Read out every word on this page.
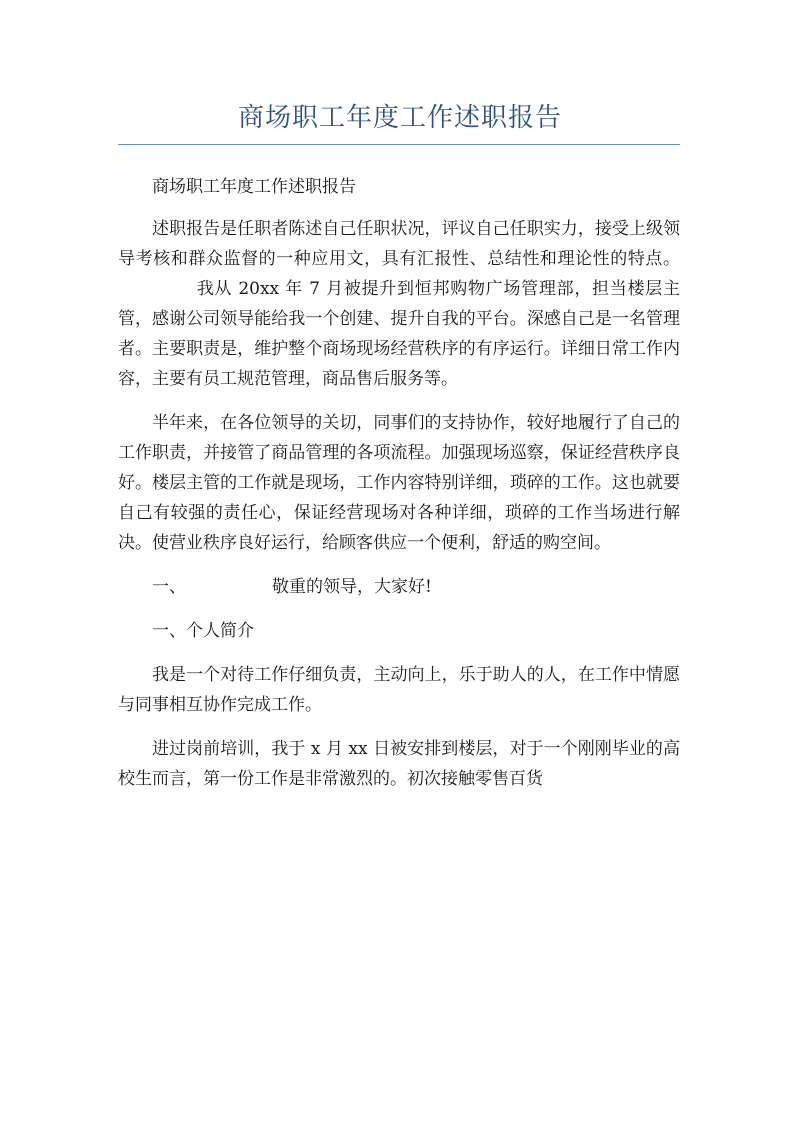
商场职工年度工作述职报告

商场职工年度工作述职报告

述职报告是任职者陈述自己任职状况，评议自己任职实力，接受上级领导考核和群众监督的一种应用文，具有汇报性、总结性和理论性的特点。我从 20xx 年 7 月被提升到恒邦购物广场管理部，担当楼层主管，感谢公司领导能给我一个创建、提升自我的平台。深感自己是一名管理者。主要职责是，维护整个商场现场经营秩序的有序运行。详细日常工作内容，主要有员工规范管理，商品售后服务等。

半年来，在各位领导的关切，同事们的支持协作，较好地履行了自己的工作职责，并接管了商品管理的各项流程。加强现场巡察，保证经营秩序良好。楼层主管的工作就是现场，工作内容特别详细，琐碎的工作。这也就要自己有较强的责任心，保证经营现场对各种详细，琐碎的工作当场进行解决。使营业秩序良好运行，给顾客供应一个便利，舒适的购空间。

一、	敬重的领导，大家好!

一、个人简介

我是一个对待工作仔细负责，主动向上，乐于助人的人，在工作中情愿与同事相互协作完成工作。

进过岗前培训，我于 x 月 xx 日被安排到楼层，对于一个刚刚毕业的高校生而言，第一份工作是非常激烈的。初次接触零售百货
